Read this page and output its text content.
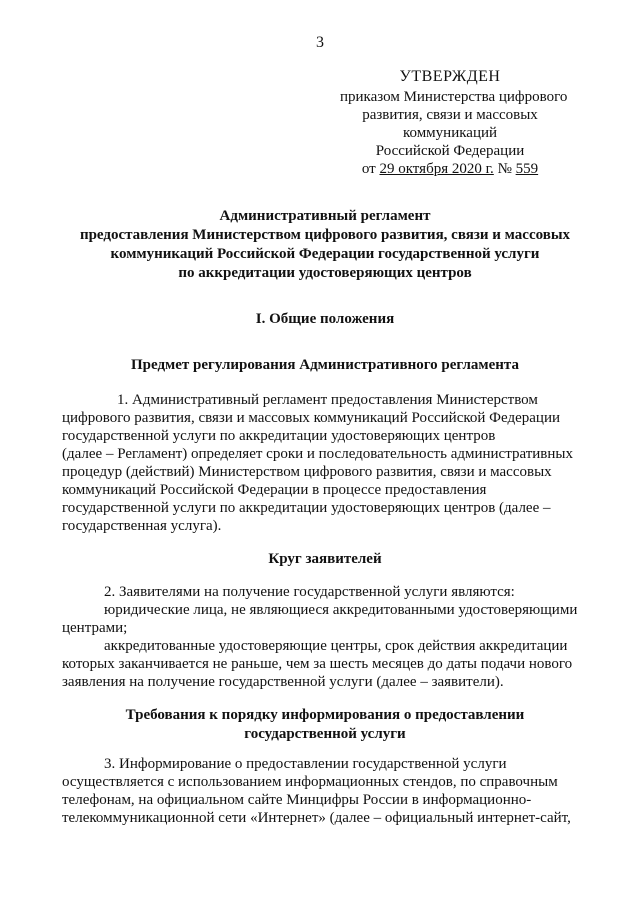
3
УТВЕРЖДЕН
приказом Министерства цифрового
развития, связи и массовых
коммуникаций
Российской Федерации
от 29 октября 2020 г. № 559
Административный регламент
предоставления Министерством цифрового развития, связи и массовых
коммуникаций Российской Федерации государственной услуги
по аккредитации удостоверяющих центров
I. Общие положения
Предмет регулирования Административного регламента
1. Административный регламент предоставления Министерством
цифрового развития, связи и массовых коммуникаций Российской Федерации
государственной услуги по аккредитации удостоверяющих центров
(далее – Регламент) определяет сроки и последовательность административных
процедур (действий) Министерством цифрового развития, связи и массовых
коммуникаций Российской Федерации в процессе предоставления
государственной услуги по аккредитации удостоверяющих центров (далее –
государственная услуга).
Круг заявителей
2. Заявителями на получение государственной услуги являются:
юридические лица, не являющиеся аккредитованными удостоверяющими
центрами;
аккредитованные удостоверяющие центры, срок действия аккредитации
которых заканчивается не раньше, чем за шесть месяцев до даты подачи нового
заявления на получение государственной услуги (далее – заявители).
Требования к порядку информирования о предоставлении
государственной услуги
3. Информирование о предоставлении государственной услуги
осуществляется с использованием информационных стендов, по справочным
телефонам, на официальном сайте Минцифры России в информационно-
телекоммуникационной сети «Интернет» (далее – официальный интернет-сайт,
